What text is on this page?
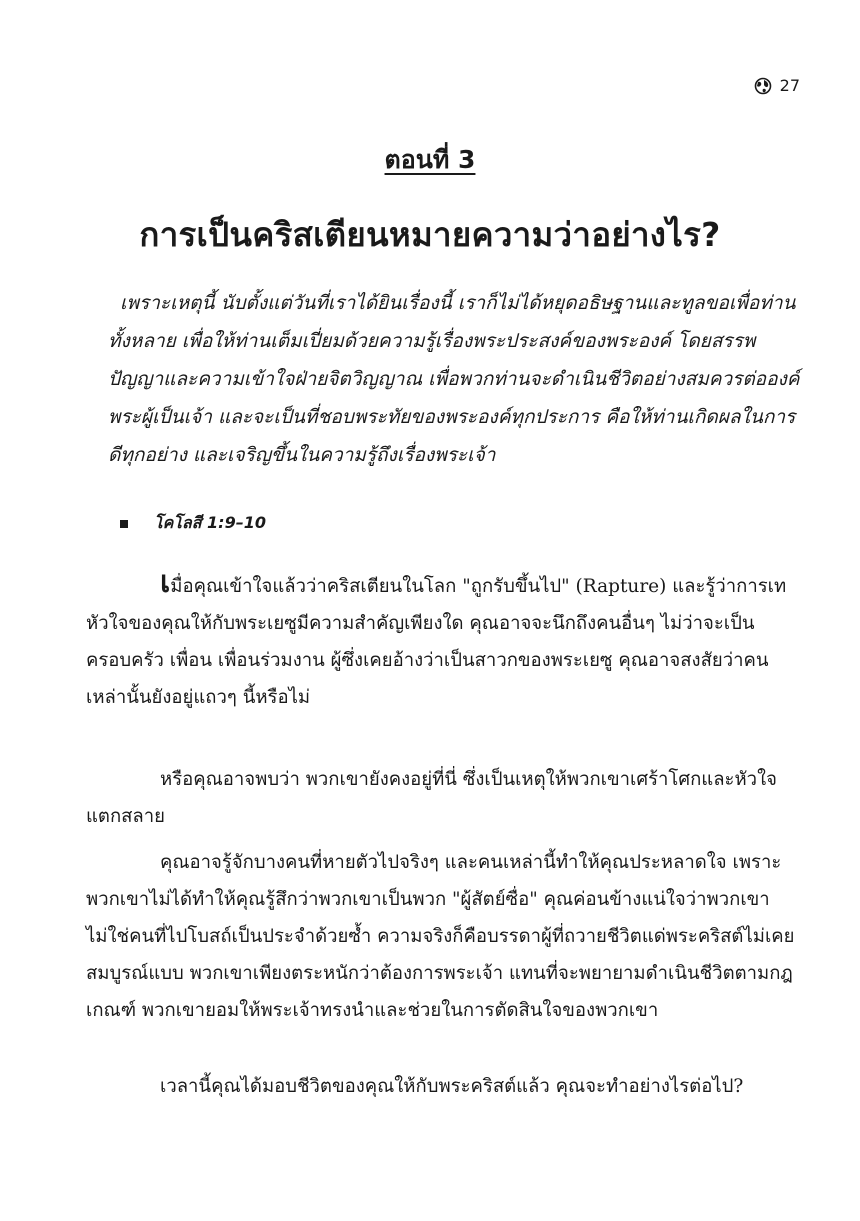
27
ตอนที่ 3
การเป็นคริสเตียนหมายความว่าอย่างไร?
เพราะเหตุนี้ นับตั้งแต่วันที่เราได้ยินเรื่องนี้ เราก็ไม่ได้หยุดอธิษฐานและทูลขอเพื่อท่านทั้งหลาย เพื่อให้ท่านเต็มเปี่ยมด้วยความรู้เรื่องพระประสงค์ของพระองค์ โดยสรรพปัญญาและความเข้าใจฝ่ายจิตวิญญาณ เพื่อพวกท่านจะดำเนินชีวิตอย่างสมควรต่อองค์พระผู้เป็นเจ้า และจะเป็นที่ชอบพระทัยของพระองค์ทุกประการ คือให้ท่านเกิดผลในการดีทุกอย่าง และเจริญขึ้นในความรู้ถึงเรื่องพระเจ้า
โคโลสี 1:9–10

เมื่อคุณเข้าใจแล้วว่าคริสเตียนในโลก "ถูกรับขึ้นไป" (Rapture) และรู้ว่าการเทหัวใจของคุณให้กับพระเยซูมีความสำคัญเพียงใด คุณอาจจะนึกถึงคนอื่นๆ ไม่ว่าจะเป็นครอบครัว เพื่อน เพื่อนร่วมงาน ผู้ซึ่งเคยอ้างว่าเป็นสาวกของพระเยซู คุณอาจสงสัยว่าคนเหล่านั้นยังอยู่แถวๆ นี้หรือไม่

หรือคุณอาจพบว่า พวกเขายังคงอยู่ที่นี่ ซึ่งเป็นเหตุให้พวกเขาเศร้าโศกและหัวใจแตกสลาย

คุณอาจรู้จักบางคนที่หายตัวไปจริงๆ และคนเหล่านี้ทำให้คุณประหลาดใจ เพราะพวกเขาไม่ได้ทำให้คุณรู้สึกว่าพวกเขาเป็นพวก "ผู้สัตย์ซื่อ" คุณค่อนข้างแน่ใจว่าพวกเขาไม่ใช่คนที่ไปโบสถ์เป็นประจำด้วยซ้ำ ความจริงก็คือบรรดาผู้ที่ถวายชีวิตแด่พระคริสต์ไม่เคยสมบูรณ์แบบ พวกเขาเพียงตระหนักว่าต้องการพระเจ้า แทนที่จะพยายามดำเนินชีวิตตามกฎเกณฑ์ พวกเขายอมให้พระเจ้าทรงนำและช่วยในการตัดสินใจของพวกเขา

เวลานี้คุณได้มอบชีวิตของคุณให้กับพระคริสต์แล้ว คุณจะทำอย่างไรต่อไป?
